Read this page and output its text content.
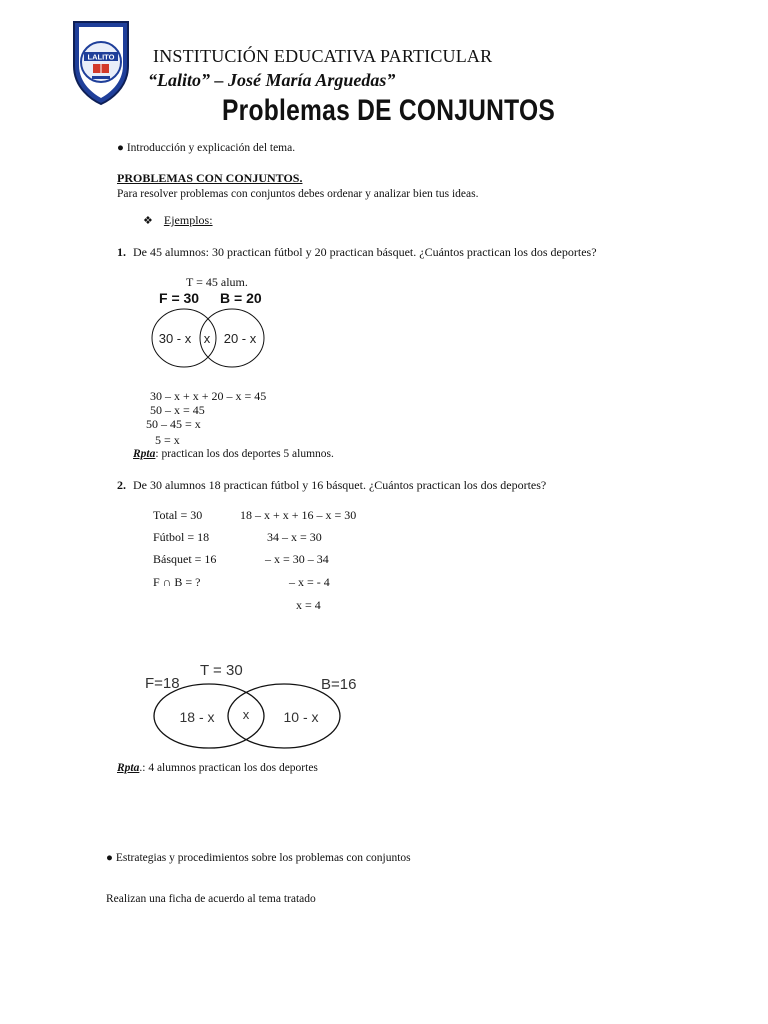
LALITO INSTITUCIÓN EDUCATIVA PARTICULAR
“Lalito” – José María Arguedas”
Problemas DE CONJUNTOS
● Introducción y explicación del tema.
PROBLEMAS CON CONJUNTOS.
Para resolver problemas con conjuntos debes ordenar y analizar bien tus ideas.
❖ Ejemplos:
1. De 45 alumnos: 30 practican fútbol y 20 practican básquet. ¿Cuántos practican los dos deportes?
T = 45 alum.
F = 30 B = 20
30 - x x 20 - x
30 – x + x + 20 – x = 45
50 – x = 45
50 – 45 = x
5 = x
Rpta: practican los dos deportes 5 alumnos.
2. De 30 alumnos 18 practican fútbol y 16 básquet. ¿Cuántos practican los dos deportes?
Total = 30
Fútbol = 18
Básquet = 16
F ∩ B = ?
18 – x + x + 16 – x = 30
34 – x = 30
– x = 30 – 34
– x = - 4
x = 4
F=18
T = 30
B=16
18 - x x 10 - x
Rpta.: 4 alumnos practican los dos deportes
● Estrategias y procedimientos sobre los problemas con conjuntos
Realizan una ficha de acuerdo al tema tratado
